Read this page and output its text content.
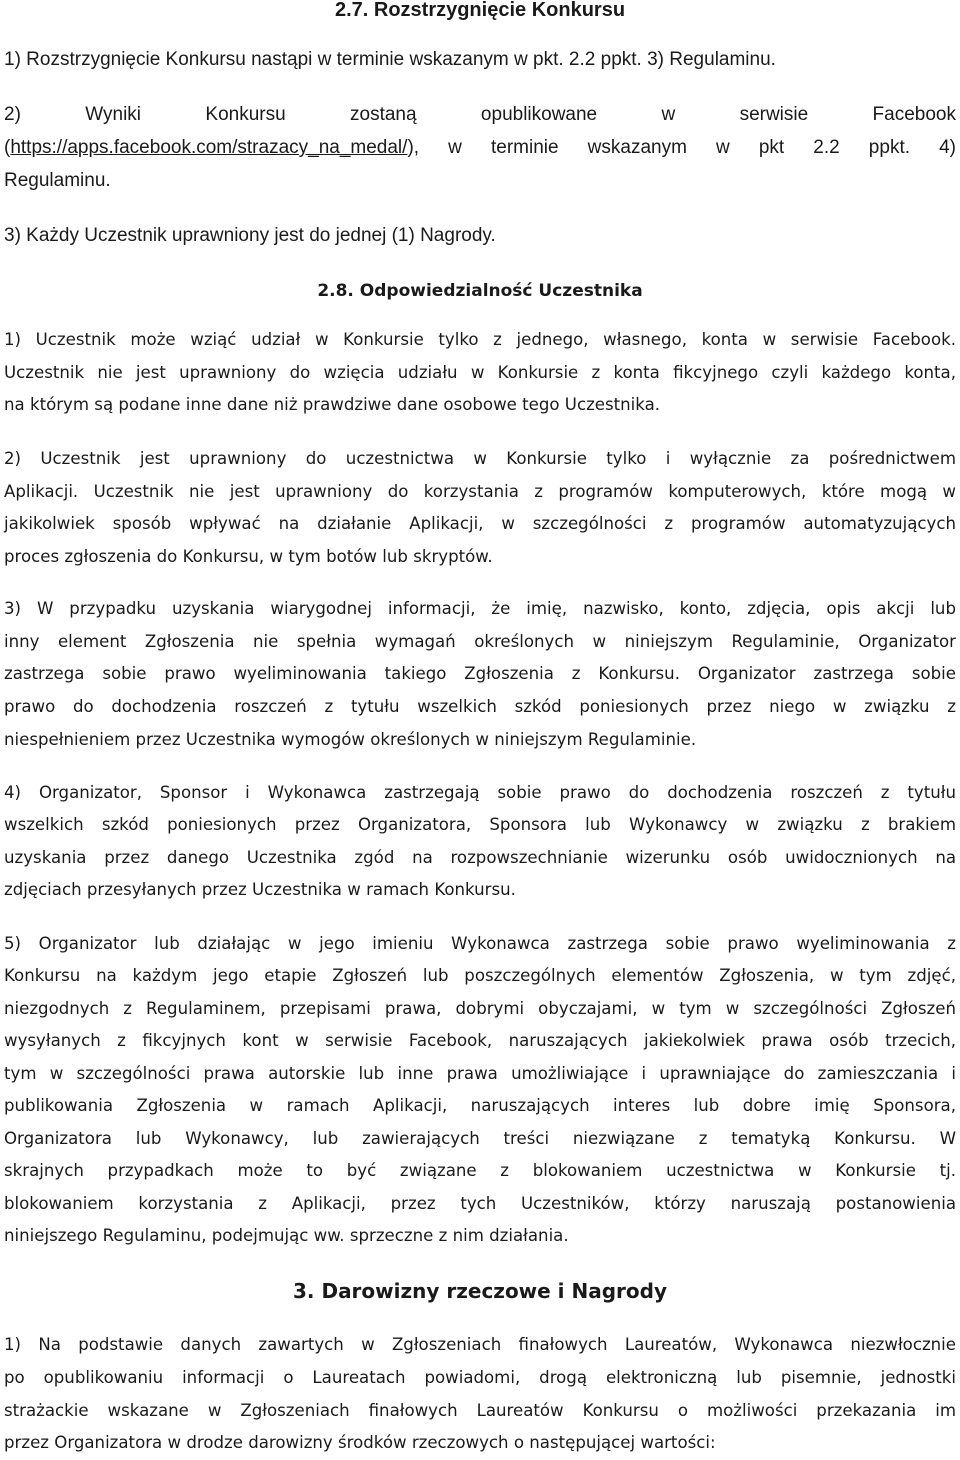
2.7. Rozstrzygnięcie Konkursu
1) Rozstrzygnięcie Konkursu nastąpi w terminie wskazanym w pkt. 2.2 ppkt. 3) Regulaminu.
2) Wyniki Konkursu zostaną opublikowane w serwisie Facebook
(https://apps.facebook.com/strazacy_na_medal/), w terminie wskazanym w pkt 2.2 ppkt. 4)
Regulaminu.
3) Każdy Uczestnik uprawniony jest do jednej (1) Nagrody.
2.8. Odpowiedzialność Uczestnika
1) Uczestnik może wziąć udział w Konkursie tylko z jednego, własnego, konta w serwisie Facebook.
Uczestnik nie jest uprawniony do wzięcia udziału w Konkursie z konta fikcyjnego czyli każdego konta,
na którym są podane inne dane niż prawdziwe dane osobowe tego Uczestnika.
2) Uczestnik jest uprawniony do uczestnictwa w Konkursie tylko i wyłącznie za pośrednictwem
Aplikacji. Uczestnik nie jest uprawniony do korzystania z programów komputerowych, które mogą w
jakikolwiek sposób wpływać na działanie Aplikacji, w szczególności z programów automatyzujących
proces zgłoszenia do Konkursu, w tym botów lub skryptów.
3) W przypadku uzyskania wiarygodnej informacji, że imię, nazwisko, konto, zdjęcia, opis akcji lub
inny element Zgłoszenia nie spełnia wymagań określonych w niniejszym Regulaminie, Organizator
zastrzega sobie prawo wyeliminowania takiego Zgłoszenia z Konkursu. Organizator zastrzega sobie
prawo do dochodzenia roszczeń z tytułu wszelkich szkód poniesionych przez niego w związku z
niespełnieniem przez Uczestnika wymogów określonych w niniejszym Regulaminie.
4) Organizator, Sponsor i Wykonawca zastrzegają sobie prawo do dochodzenia roszczeń z tytułu
wszelkich szkód poniesionych przez Organizatora, Sponsora lub Wykonawcy w związku z brakiem
uzyskania przez danego Uczestnika zgód na rozpowszechnianie wizerunku osób uwidocznionych na
zdjęciach przesyłanych przez Uczestnika w ramach Konkursu.
5) Organizator lub działając w jego imieniu Wykonawca zastrzega sobie prawo wyeliminowania z
Konkursu na każdym jego etapie Zgłoszeń lub poszczególnych elementów Zgłoszenia, w tym zdjęć,
niezgodnych z Regulaminem, przepisami prawa, dobrymi obyczajami, w tym w szczególności Zgłoszeń
wysyłanych z fikcyjnych kont w serwisie Facebook, naruszających jakiekolwiek prawa osób trzecich,
tym w szczególności prawa autorskie lub inne prawa umożliwiające i uprawniające do zamieszczania i
publikowania Zgłoszenia w ramach Aplikacji, naruszających interes lub dobre imię Sponsora,
Organizatora lub Wykonawcy, lub zawierających treści niezwiązane z tematyką Konkursu. W
skrajnych przypadkach może to być związane z blokowaniem uczestnictwa w Konkursie tj.
blokowaniem korzystania z Aplikacji, przez tych Uczestników, którzy naruszają postanowienia
niniejszego Regulaminu, podejmując ww. sprzeczne z nim działania.
3. Darowizny rzeczowe i Nagrody
1) Na podstawie danych zawartych w Zgłoszeniach finałowych Laureatów, Wykonawca niezwłocznie
po opublikowaniu informacji o Laureatach powiadomi, drogą elektroniczną lub pisemnie, jednostki
strażackie wskazane w Zgłoszeniach finałowych Laureatów Konkursu o możliwości przekazania im
przez Organizatora w drodze darowizny środków rzeczowych o następującej wartości:
